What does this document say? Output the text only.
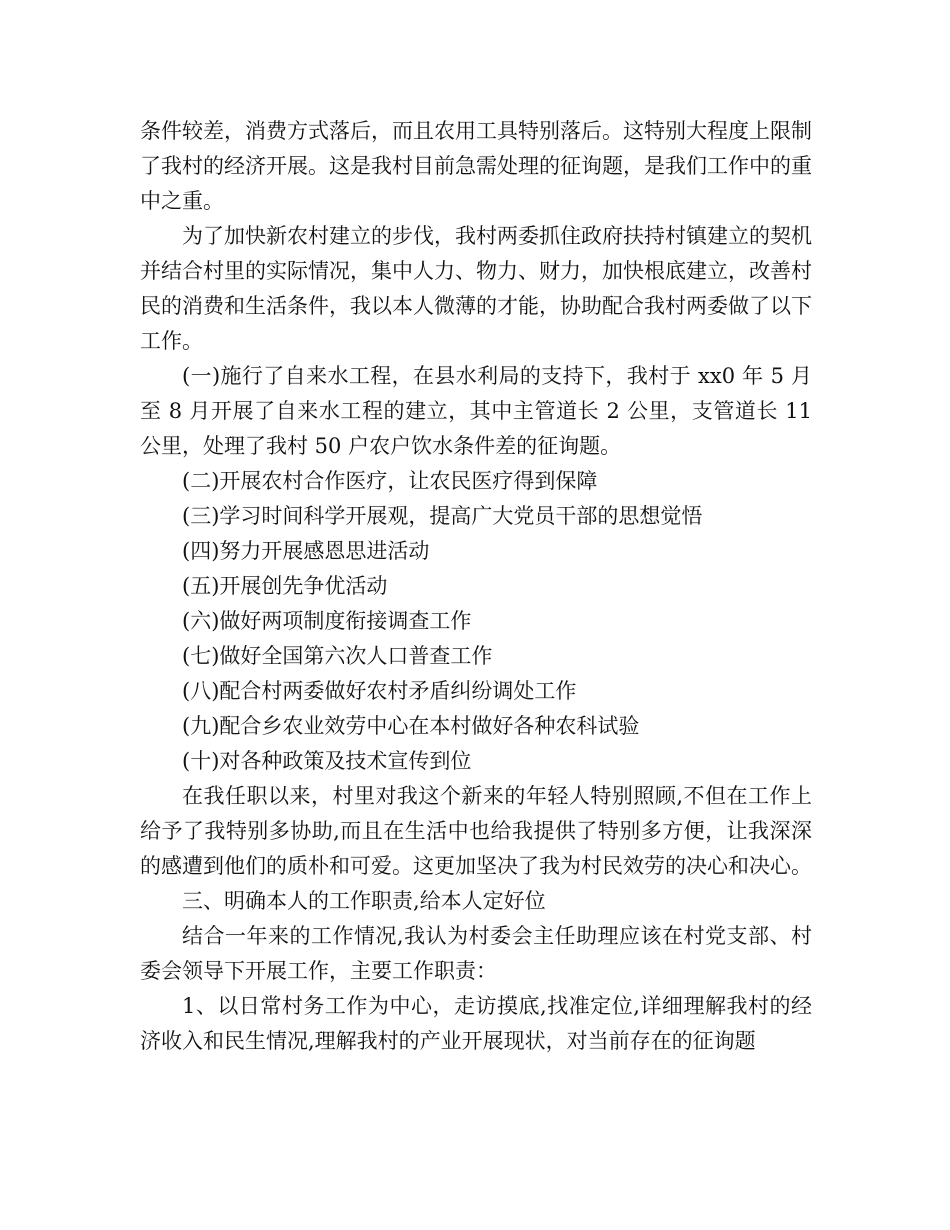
条件较差，消费方式落后，而且农用工具特别落后。这特别大程度上限制了我村的经济开展。这是我村目前急需处理的征询题，是我们工作中的重中之重。

为了加快新农村建立的步伐，我村两委抓住政府扶持村镇建立的契机并结合村里的实际情况，集中人力、物力、财力，加快根底建立，改善村民的消费和生活条件，我以本人微薄的才能，协助配合我村两委做了以下工作。

(一)施行了自来水工程，在县水利局的支持下，我村于 xx0 年 5 月至 8 月开展了自来水工程的建立，其中主管道长 2 公里，支管道长 11 公里，处理了我村 50 户农户饮水条件差的征询题。

(二)开展农村合作医疗，让农民医疗得到保障

(三)学习时间科学开展观，提高广大党员干部的思想觉悟

(四)努力开展感恩思进活动

(五)开展创先争优活动

(六)做好两项制度衔接调查工作

(七)做好全国第六次人口普查工作

(八)配合村两委做好农村矛盾纠纷调处工作

(九)配合乡农业效劳中心在本村做好各种农科试验

(十)对各种政策及技术宣传到位

在我任职以来，村里对我这个新来的年轻人特别照顾,不但在工作上给予了我特别多协助,而且在生活中也给我提供了特别多方便，让我深深的感遭到他们的质朴和可爱。这更加坚决了我为村民效劳的决心和决心。

三、明确本人的工作职责,给本人定好位

结合一年来的工作情况,我认为村委会主任助理应该在村党支部、村委会领导下开展工作，主要工作职责：

1、以日常村务工作为中心，走访摸底,找准定位,详细理解我村的经济收入和民生情况,理解我村的产业开展现状，对当前存在的征询题
